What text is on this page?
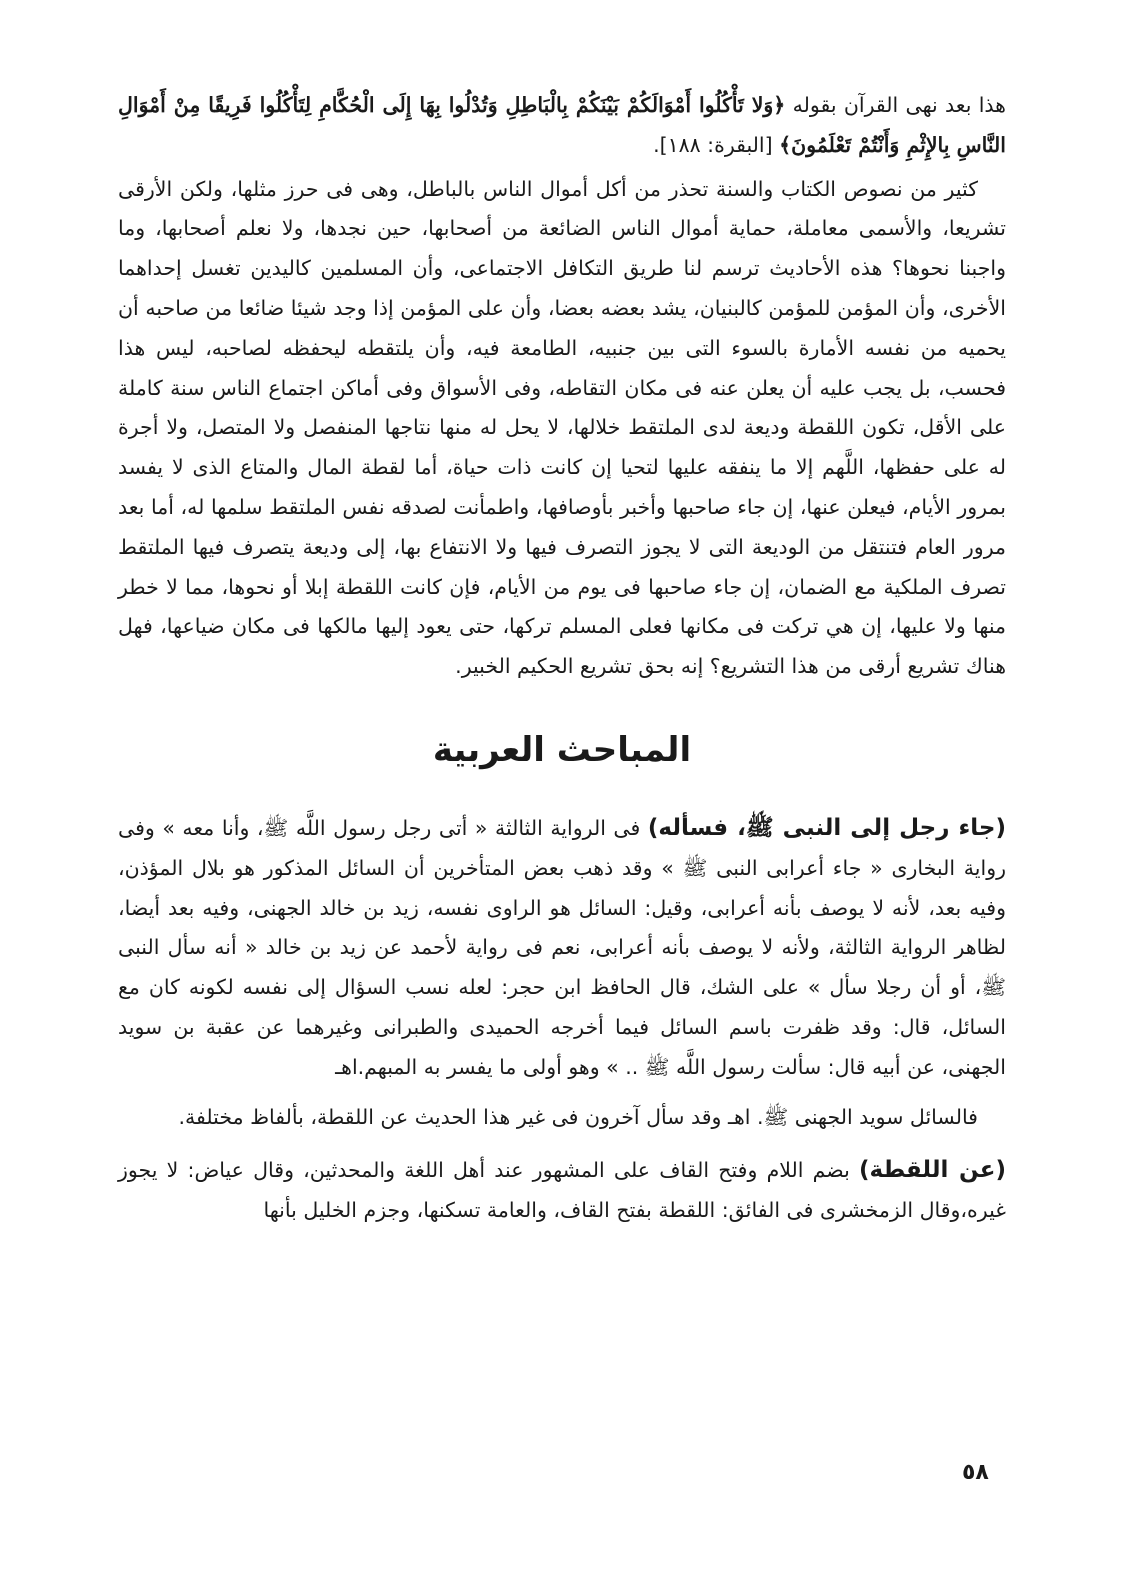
هذا بعد نهى القرآن بقوله ﴿وَلا تَأْكُلُوا أَمْوَالَكُمْ بَيْنَكُمْ بِالْبَاطِلِ وَتُدْلُوا بِهَا إِلَى الْحُكَّامِ لِتَأْكُلُوا فَرِيقًا مِنْ أَمْوَالِ النَّاسِ بِالإِثْمِ وَأَنْتُمْ تَعْلَمُونَ﴾ [البقرة: ١٨٨].

كثير من نصوص الكتاب والسنة تحذر من أكل أموال الناس بالباطل، وهى فى حرز مثلها، ولكن الأرقى تشريعا، والأسمى معاملة، حماية أموال الناس الضائعة من أصحابها، حين نجدها، ولا نعلم أصحابها، وما واجبنا نحوها؟ هذه الأحاديث ترسم لنا طريق التكافل الاجتماعى، وأن المسلمين كاليدين تغسل إحداهما الأخرى، وأن المؤمن للمؤمن كالبنيان، يشد بعضه بعضا، وأن على المؤمن إذا وجد شيئا ضائعا من صاحبه أن يحميه من نفسه الأمارة بالسوء التى بين جنبيه، الطامعة فيه، وأن يلتقطه ليحفظه لصاحبه، ليس هذا فحسب، بل يجب عليه أن يعلن عنه فى مكان التقاطه، وفى الأسواق وفى أماكن اجتماع الناس سنة كاملة على الأقل، تكون اللقطة وديعة لدى الملتقط خلالها، لا يحل له منها نتاجها المنفصل ولا المتصل، ولا أجرة له على حفظها، اللَّهم إلا ما ينفقه عليها لتحيا إن كانت ذات حياة، أما لقطة المال والمتاع الذى لا يفسد بمرور الأيام، فيعلن عنها، إن جاء صاحبها وأخبر بأوصافها، واطمأنت لصدقه نفس الملتقط سلمها له، أما بعد مرور العام فتنتقل من الوديعة التى لا يجوز التصرف فيها ولا الانتفاع بها، إلى وديعة يتصرف فيها الملتقط تصرف الملكية مع الضمان، إن جاء صاحبها فى يوم من الأيام، فإن كانت اللقطة إبلا أو نحوها، مما لا خطر منها ولا عليها، إن هي تركت فى مكانها فعلى المسلم تركها، حتى يعود إليها مالكها فى مكان ضياعها، فهل هناك تشريع أرقى من هذا التشريع؟ إنه بحق تشريع الحكيم الخبير.

المباحث العربية

(جاء رجل إلى النبى ﷺ، فسأله) فى الرواية الثالثة « أتى رجل رسول اللَّه ﷺ، وأنا معه » وفى رواية البخارى « جاء أعرابى النبى ﷺ » وقد ذهب بعض المتأخرين أن السائل المذكور هو بلال المؤذن، وفيه بعد، لأنه لا يوصف بأنه أعرابى، وقيل: السائل هو الراوى نفسه، زيد بن خالد الجهنى، وفيه بعد أيضا، لظاهر الرواية الثالثة، ولأنه لا يوصف بأنه أعرابى، نعم فى رواية لأحمد عن زيد بن خالد « أنه سأل النبى ﷺ، أو أن رجلا سأل » على الشك، قال الحافظ ابن حجر: لعله نسب السؤال إلى نفسه لكونه كان مع السائل، قال: وقد ظفرت باسم السائل فيما أخرجه الحميدى والطبرانى وغيرهما عن عقبة بن سويد الجهنى، عن أبيه قال: سألت رسول اللَّه ﷺ .. » وهو أولى ما يفسر به المبهم.اهـ

فالسائل سويد الجهنى ﷺ. اهـ وقد سأل آخرون فى غير هذا الحديث عن اللقطة، بألفاظ مختلفة.

(عن اللقطة) بضم اللام وفتح القاف على المشهور عند أهل اللغة والمحدثين، وقال عياض: لا يجوز غيره،وقال الزمخشرى فى الفائق: اللقطة بفتح القاف، والعامة تسكنها، وجزم الخليل بأنها

٥٨
